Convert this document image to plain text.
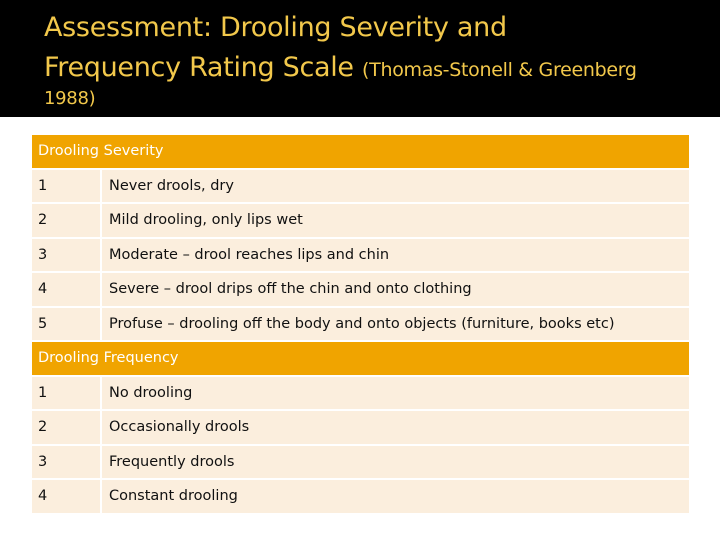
Assessment: Drooling Severity and
Frequency Rating Scale (Thomas-Stonell & Greenberg
1988)
Drooling Severity	
1	Never drools, dry
2	Mild drooling, only lips wet
3	Moderate – drool reaches lips and chin
4	Severe – drool drips off the chin and onto clothing
5	Profuse – drooling off the body and onto objects (furniture, books etc)
Drooling Frequency	
1	No drooling
2	Occasionally drools
3	Frequently drools
4	Constant drooling
